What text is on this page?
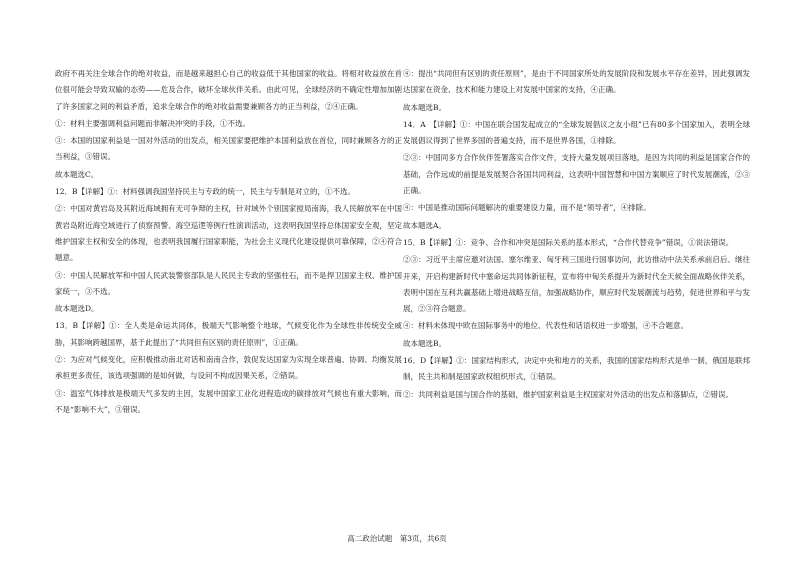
政府不再关注全球合作的绝对收益，而是越来越担心自己的收益低于其他国家的收益。将相对收益放在首位很可能会导致双输的态势——危及合作，破坏全球伙伴关系。由此可见，全球经济的不确定性增加加剧了许多国家之间的利益矛盾，追求全球合作的绝对收益需要兼顾各方的正当利益，②④正确。

①：材料主要强调利益问题而非解决冲突的手段，①不选。

③：本国的国家利益是一国对外活动的出发点，相关国家要把维护本国利益放在首位，同时兼顾各方的正当利益，③错误。

故本题选C。

12．B【详解】①：材料强调我国坚持民主与专政的统一，民主与专制是对立的，①不选。

②：中国对黄岩岛及其附近海域拥有无可争辩的主权，针对域外个别国家搅局南海，我人民解放军在中国黄岩岛附近海空域进行了侦察预警、海空巡逻等例行性演训活动，这表明我国坚持总体国家安全观，坚定维护国家主权和安全的体现，也表明我国履行国家职能，为社会主义现代化建设提供可靠保障，②④符合题意。

③：中国人民解放军和中国人民武装警察部队是人民民主专政的坚强柱石，而不是捍卫国家主权、维护国家统一，③不选。

故本题选D。

13．B【详解】①：全人类是命运共同体，极端天气影响整个地球，气候变化作为全球性非传统安全威胁，其影响跨越国界，基于此提出了“共同但有区别的责任原则”，①正确。

②：为应对气候变化，应积极推动南北对话和南南合作，敦促发达国家为实现全球普遍、协调、均衡发展承担更多责任，该选项强调的是如何做，与设问不构成因果关系，②错误。

③：温室气体排放是极端天气多发的主因，发展中国家工业化进程造成的碳排放对气候也有重大影响，而不是“影响不大”，③错误。

④：提出“共同但有区别的责任原则”，是由于不同国家所处的发展阶段和发展水平存在差异，因此强调发达国家在资金、技术和能力建设上对发展中国家的支持，④正确。

故本题选B。

14．A　【详解】①：中国在联合国发起成立的“全球发展倡议之友小组”已有80多个国家加入，表明全球发展倡议得到了世界多国的普遍支持，而不是世界各国，①排除。

②③：中国同多方合作伙伴签署落实合作文件，支持大量发展项目落地，是因为共同的利益是国家合作的基础，合作远成的前提是发展契合各国共同利益，这表明中国智慧和中国方案顺应了时代发展潮流，②③正确。

④：中国是推动国际问题解决的重要建设力量，而不是“领导者”，④排除。

故本题选A。

15．B【详解】①：竞争、合作和冲突是国际关系的基本形式，“合作代替竞争”错误，①说法错误。

②③：习近平主席应邀对法国、塞尔维亚、匈牙利三国进行国事访问，此访推动中法关系承前启后、继往开来，开启构建新时代中塞命运共同体新征程，宣布将中匈关系提升为新时代全天候全面战略伙伴关系，表明中国在互利共赢基础上增进战略互信，加强战略协作，顺应时代发展潮流与趋势，促进世界和平与发展，②③符合题意。

④：材料未体现中欧在国际事务中的地位、代表性和话语权进一步增强，④不合题意。

故本题选B。

16．D【详解】①：国家结构形式，决定中央和地方的关系，我国的国家结构形式是单一制，俄国是联邦制，民主共和制是国家政权组织形式，①错误。

②：共同利益是国与国合作的基础，维护国家利益是主权国家对外活动的出发点和落脚点，②错误。

高二政治试题　第3页，共6页
